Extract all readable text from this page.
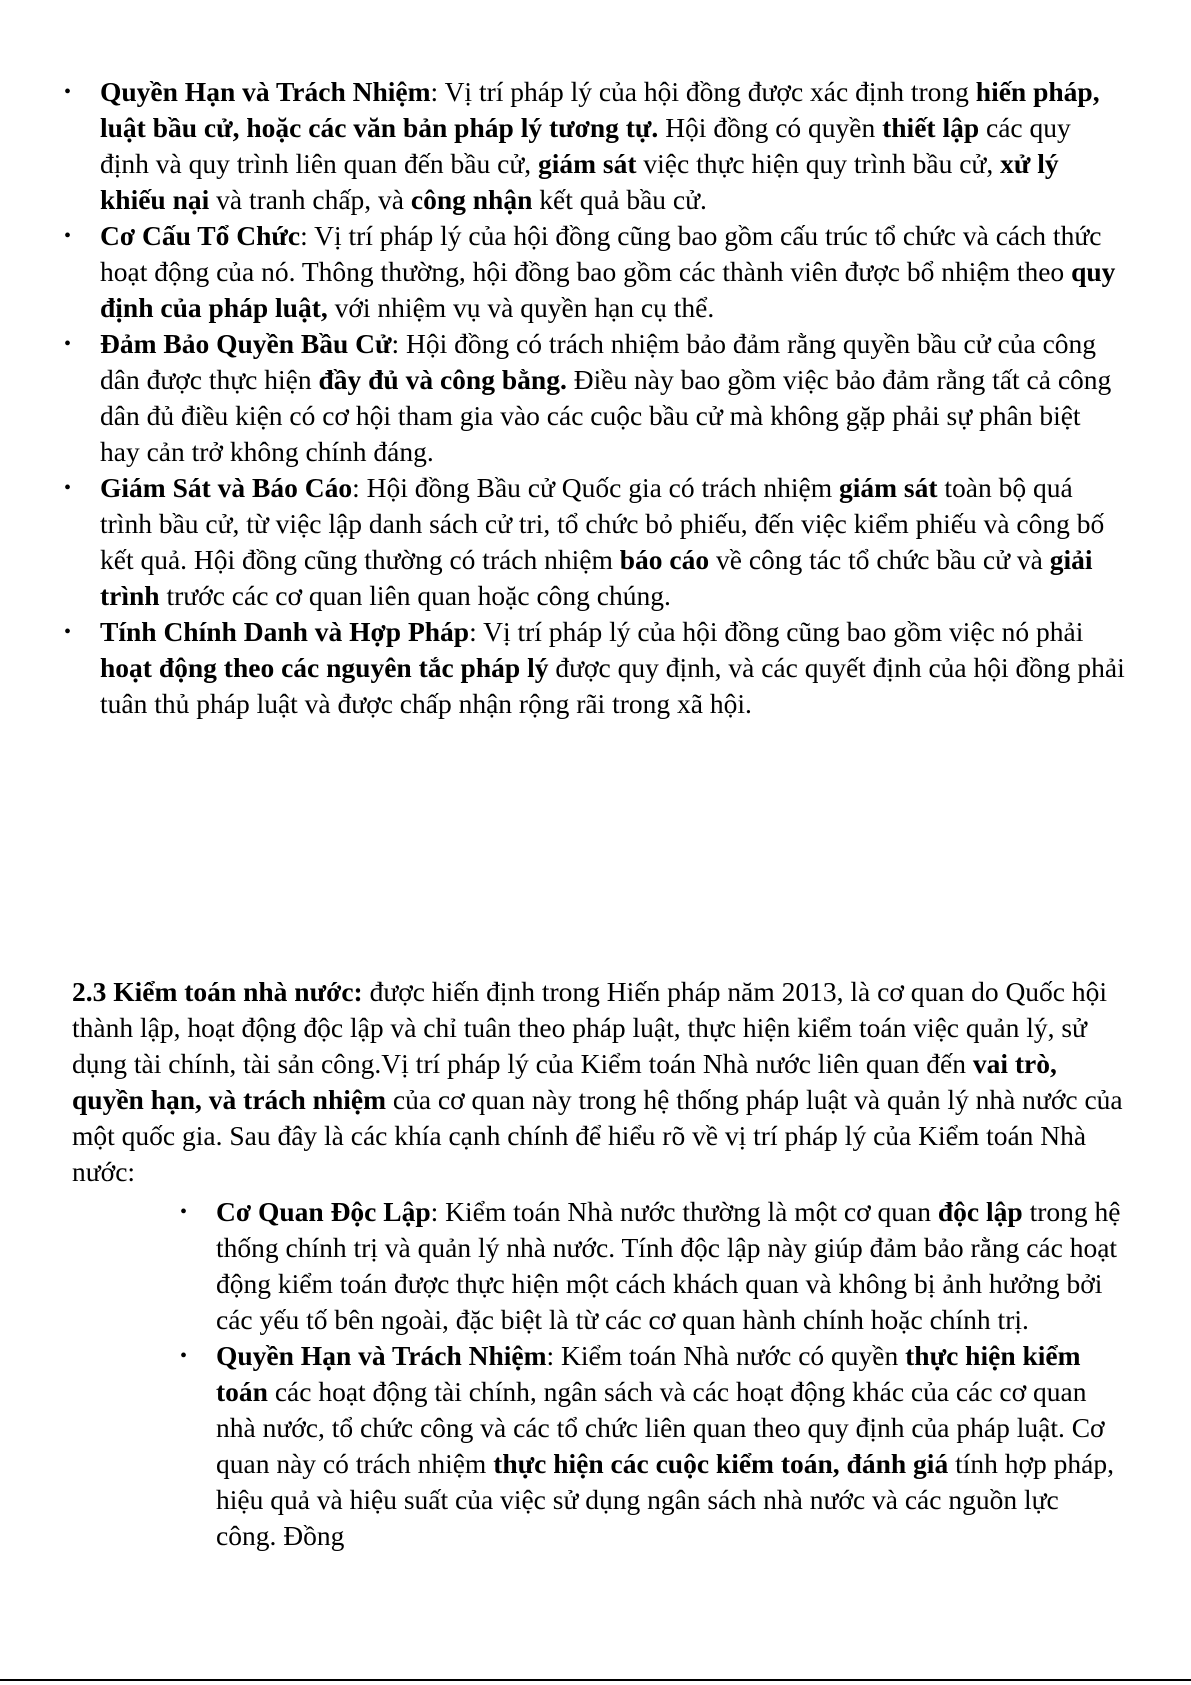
• Quyền Hạn và Trách Nhiệm: Vị trí pháp lý của hội đồng được xác định trong hiến pháp, luật bầu cử, hoặc các văn bản pháp lý tương tự. Hội đồng có quyền thiết lập các quy định và quy trình liên quan đến bầu cử, giám sát việc thực hiện quy trình bầu cử, xử lý khiếu nại và tranh chấp, và công nhận kết quả bầu cử.
• Cơ Cấu Tổ Chức: Vị trí pháp lý của hội đồng cũng bao gồm cấu trúc tổ chức và cách thức hoạt động của nó. Thông thường, hội đồng bao gồm các thành viên được bổ nhiệm theo quy định của pháp luật, với nhiệm vụ và quyền hạn cụ thể.
• Đảm Bảo Quyền Bầu Cử: Hội đồng có trách nhiệm bảo đảm rằng quyền bầu cử của công dân được thực hiện đầy đủ và công bằng. Điều này bao gồm việc bảo đảm rằng tất cả công dân đủ điều kiện có cơ hội tham gia vào các cuộc bầu cử mà không gặp phải sự phân biệt hay cản trở không chính đáng.
• Giám Sát và Báo Cáo: Hội đồng Bầu cử Quốc gia có trách nhiệm giám sát toàn bộ quá trình bầu cử, từ việc lập danh sách cử tri, tổ chức bỏ phiếu, đến việc kiểm phiếu và công bố kết quả. Hội đồng cũng thường có trách nhiệm báo cáo về công tác tổ chức bầu cử và giải trình trước các cơ quan liên quan hoặc công chúng.
• Tính Chính Danh và Hợp Pháp: Vị trí pháp lý của hội đồng cũng bao gồm việc nó phải hoạt động theo các nguyên tắc pháp lý được quy định, và các quyết định của hội đồng phải tuân thủ pháp luật và được chấp nhận rộng rãi trong xã hội.

2.3 Kiểm toán nhà nước: được hiến định trong Hiến pháp năm 2013, là cơ quan do Quốc hội thành lập, hoạt động độc lập và chỉ tuân theo pháp luật, thực hiện kiểm toán việc quản lý, sử dụng tài chính, tài sản công.Vị trí pháp lý của Kiểm toán Nhà nước liên quan đến vai trò, quyền hạn, và trách nhiệm của cơ quan này trong hệ thống pháp luật và quản lý nhà nước của một quốc gia. Sau đây là các khía cạnh chính để hiểu rõ về vị trí pháp lý của Kiểm toán Nhà nước:

• Cơ Quan Độc Lập: Kiểm toán Nhà nước thường là một cơ quan độc lập trong hệ thống chính trị và quản lý nhà nước. Tính độc lập này giúp đảm bảo rằng các hoạt động kiểm toán được thực hiện một cách khách quan và không bị ảnh hưởng bởi các yếu tố bên ngoài, đặc biệt là từ các cơ quan hành chính hoặc chính trị.
• Quyền Hạn và Trách Nhiệm: Kiểm toán Nhà nước có quyền thực hiện kiểm toán các hoạt động tài chính, ngân sách và các hoạt động khác của các cơ quan nhà nước, tổ chức công và các tổ chức liên quan theo quy định của pháp luật. Cơ quan này có trách nhiệm thực hiện các cuộc kiểm toán, đánh giá tính hợp pháp, hiệu quả và hiệu suất của việc sử dụng ngân sách nhà nước và các nguồn lực công. Đồng
